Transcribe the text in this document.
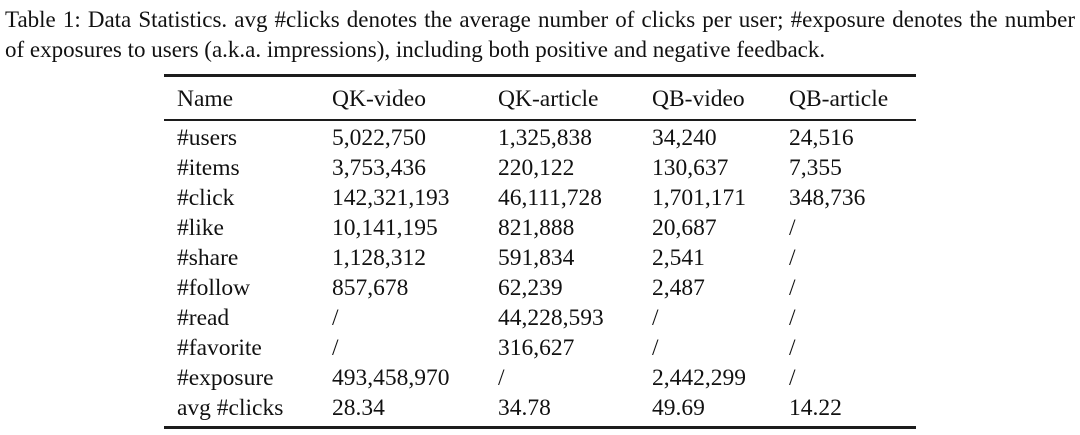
Table 1: Data Statistics. avg #clicks denotes the average number of clicks per user; #exposure denotes the number of exposures to users (a.k.a. impressions), including both positive and negative feedback.

Name	QK-video	QK-article	QB-video	QB-article
#users	5,022,750	1,325,838	34,240	24,516
#items	3,753,436	220,122	130,637	7,355
#click	142,321,193	46,111,728	1,701,171	348,736
#like	10,141,195	821,888	20,687	/
#share	1,128,312	591,834	2,541	/
#follow	857,678	62,239	2,487	/
#read	/	44,228,593	/	/
#favorite	/	316,627	/	/
#exposure	493,458,970	/	2,442,299	/
avg #clicks	28.34	34.78	49.69	14.22
